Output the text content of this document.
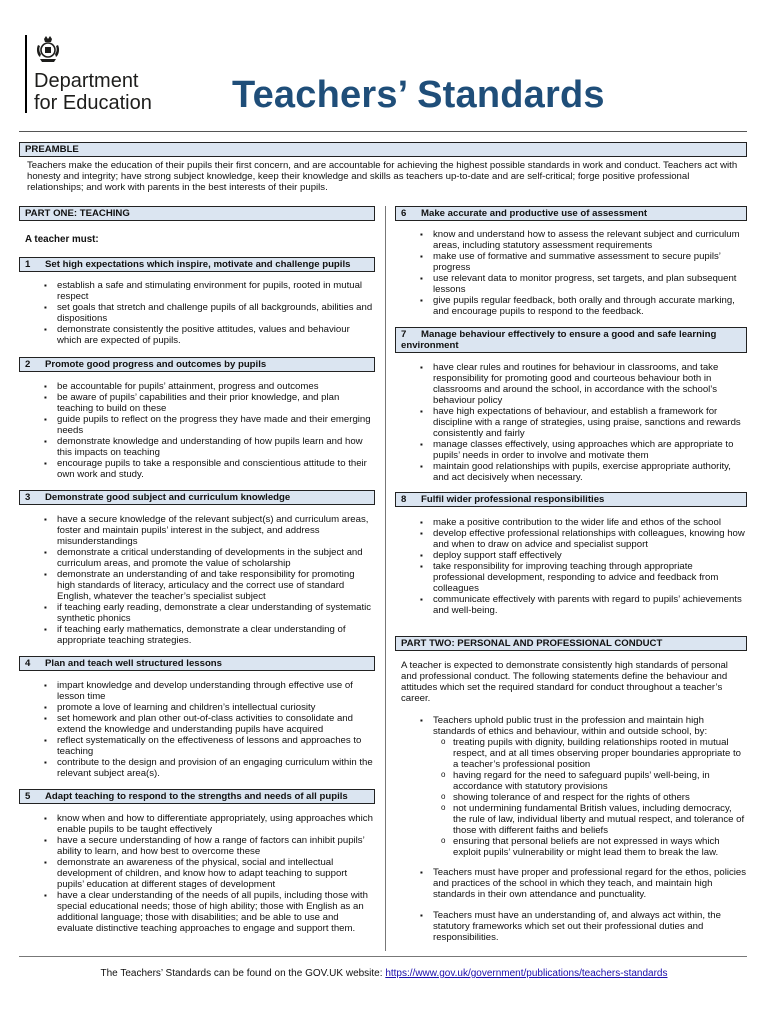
Department
for Education Teachers’ Standards
PREAMBLE
Teachers make the education of their pupils their first concern, and are accountable for achieving the highest possible standards in work and conduct. Teachers act with honesty and integrity; have strong subject knowledge, keep their knowledge and skills as teachers up-to-date and are self-critical; forge positive professional relationships; and work with parents in the best interests of their pupils.
PART ONE: TEACHING
A teacher must:
1 Set high expectations which inspire, motivate and challenge pupils
▪ establish a safe and stimulating environment for pupils, rooted in mutual respect
▪ set goals that stretch and challenge pupils of all backgrounds, abilities and dispositions
▪ demonstrate consistently the positive attitudes, values and behaviour which are expected of pupils.
2 Promote good progress and outcomes by pupils
▪ be accountable for pupils’ attainment, progress and outcomes
▪ be aware of pupils’ capabilities and their prior knowledge, and plan teaching to build on these
▪ guide pupils to reflect on the progress they have made and their emerging needs
▪ demonstrate knowledge and understanding of how pupils learn and how this impacts on teaching
▪ encourage pupils to take a responsible and conscientious attitude to their own work and study.
3 Demonstrate good subject and curriculum knowledge
▪ have a secure knowledge of the relevant subject(s) and curriculum areas, foster and maintain pupils’ interest in the subject, and address misunderstandings
▪ demonstrate a critical understanding of developments in the subject and curriculum areas, and promote the value of scholarship
▪ demonstrate an understanding of and take responsibility for promoting high standards of literacy, articulacy and the correct use of standard English, whatever the teacher’s specialist subject
▪ if teaching early reading, demonstrate a clear understanding of systematic synthetic phonics
▪ if teaching early mathematics, demonstrate a clear understanding of appropriate teaching strategies.
4 Plan and teach well structured lessons
▪ impart knowledge and develop understanding through effective use of lesson time
▪ promote a love of learning and children’s intellectual curiosity
▪ set homework and plan other out-of-class activities to consolidate and extend the knowledge and understanding pupils have acquired
▪ reflect systematically on the effectiveness of lessons and approaches to teaching
▪ contribute to the design and provision of an engaging curriculum within the relevant subject area(s).
5 Adapt teaching to respond to the strengths and needs of all pupils
▪ know when and how to differentiate appropriately, using approaches which enable pupils to be taught effectively
▪ have a secure understanding of how a range of factors can inhibit pupils’ ability to learn, and how best to overcome these
▪ demonstrate an awareness of the physical, social and intellectual development of children, and know how to adapt teaching to support pupils’ education at different stages of development
▪ have a clear understanding of the needs of all pupils, including those with special educational needs; those of high ability; those with English as an additional language; those with disabilities; and be able to use and evaluate distinctive teaching approaches to engage and support them.
6 Make accurate and productive use of assessment
▪ know and understand how to assess the relevant subject and curriculum areas, including statutory assessment requirements
▪ make use of formative and summative assessment to secure pupils’ progress
▪ use relevant data to monitor progress, set targets, and plan subsequent lessons
▪ give pupils regular feedback, both orally and through accurate marking, and encourage pupils to respond to the feedback.
7 Manage behaviour effectively to ensure a good and safe learning environment
▪ have clear rules and routines for behaviour in classrooms, and take responsibility for promoting good and courteous behaviour both in classrooms and around the school, in accordance with the school’s behaviour policy
▪ have high expectations of behaviour, and establish a framework for discipline with a range of strategies, using praise, sanctions and rewards consistently and fairly
▪ manage classes effectively, using approaches which are appropriate to pupils’ needs in order to involve and motivate them
▪ maintain good relationships with pupils, exercise appropriate authority, and act decisively when necessary.
8 Fulfil wider professional responsibilities
▪ make a positive contribution to the wider life and ethos of the school
▪ develop effective professional relationships with colleagues, knowing how and when to draw on advice and specialist support
▪ deploy support staff effectively
▪ take responsibility for improving teaching through appropriate professional development, responding to advice and feedback from colleagues
▪ communicate effectively with parents with regard to pupils’ achievements and well-being.
PART TWO: PERSONAL AND PROFESSIONAL CONDUCT
A teacher is expected to demonstrate consistently high standards of personal and professional conduct. The following statements define the behaviour and attitudes which set the required standard for conduct throughout a teacher’s career.
▪ Teachers uphold public trust in the profession and maintain high standards of ethics and behaviour, within and outside school, by:
o treating pupils with dignity, building relationships rooted in mutual respect, and at all times observing proper boundaries appropriate to a teacher’s professional position
o having regard for the need to safeguard pupils’ well-being, in accordance with statutory provisions
o showing tolerance of and respect for the rights of others
o not undermining fundamental British values, including democracy, the rule of law, individual liberty and mutual respect, and tolerance of those with different faiths and beliefs
o ensuring that personal beliefs are not expressed in ways which exploit pupils’ vulnerability or might lead them to break the law.
▪ Teachers must have proper and professional regard for the ethos, policies and practices of the school in which they teach, and maintain high standards in their own attendance and punctuality.
▪ Teachers must have an understanding of, and always act within, the statutory frameworks which set out their professional duties and responsibilities.
The Teachers’ Standards can be found on the GOV.UK website: https://www.gov.uk/government/publications/teachers-standards
